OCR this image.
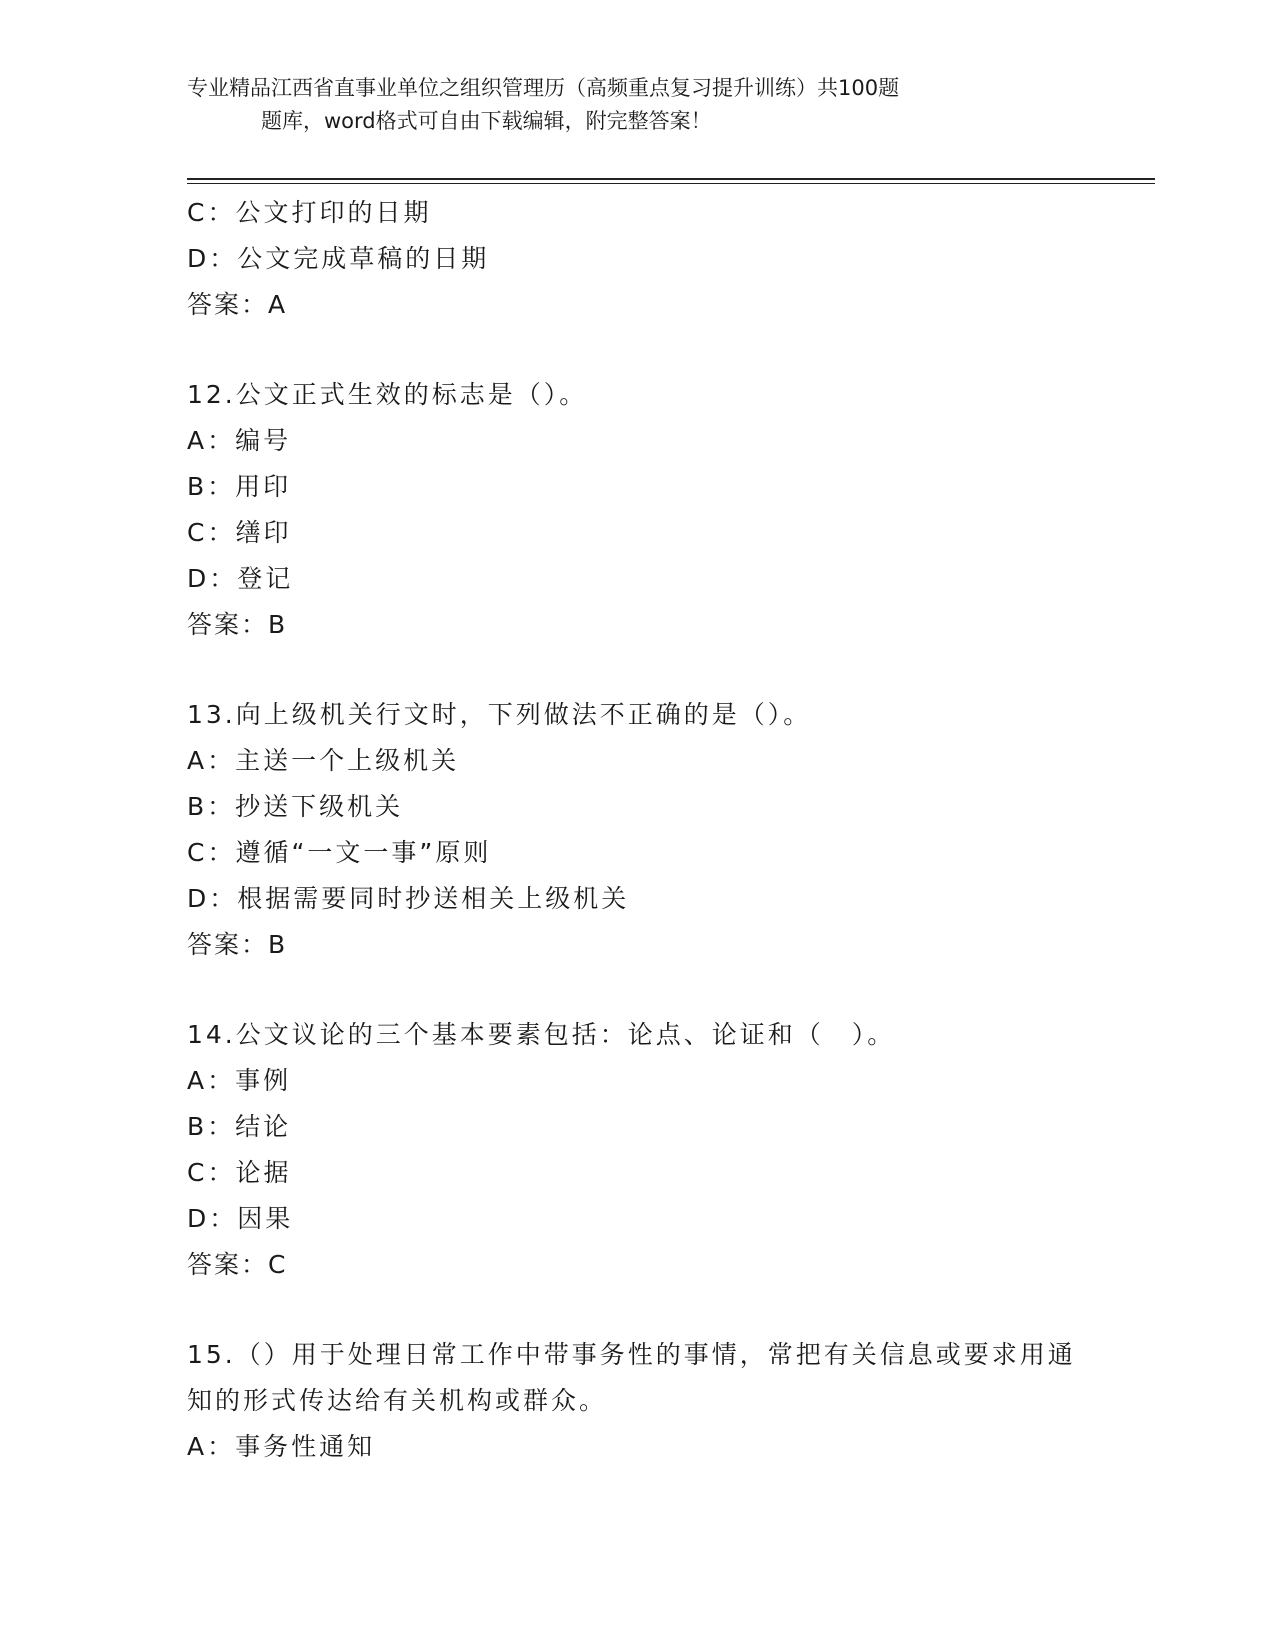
专业精品江西省直事业单位之组织管理历（高频重点复习提升训练）共100题
题库，word格式可自由下载编辑，附完整答案！
C：公文打印的日期
D：公文完成草稿的日期
答案：A
12.公文正式生效的标志是（）。
A：编号
B：用印
C：缮印
D：登记
答案：B
13.向上级机关行文时，下列做法不正确的是（）。
A：主送一个上级机关
B：抄送下级机关
C：遵循“一文一事”原则
D：根据需要同时抄送相关上级机关
答案：B
14.公文议论的三个基本要素包括：论点、论证和（　）。
A：事例
B：结论
C：论据
D：因果
答案：C
15.（）用于处理日常工作中带事务性的事情，常把有关信息或要求用通知的形式传达给有关机构或群众。
A：事务性通知
